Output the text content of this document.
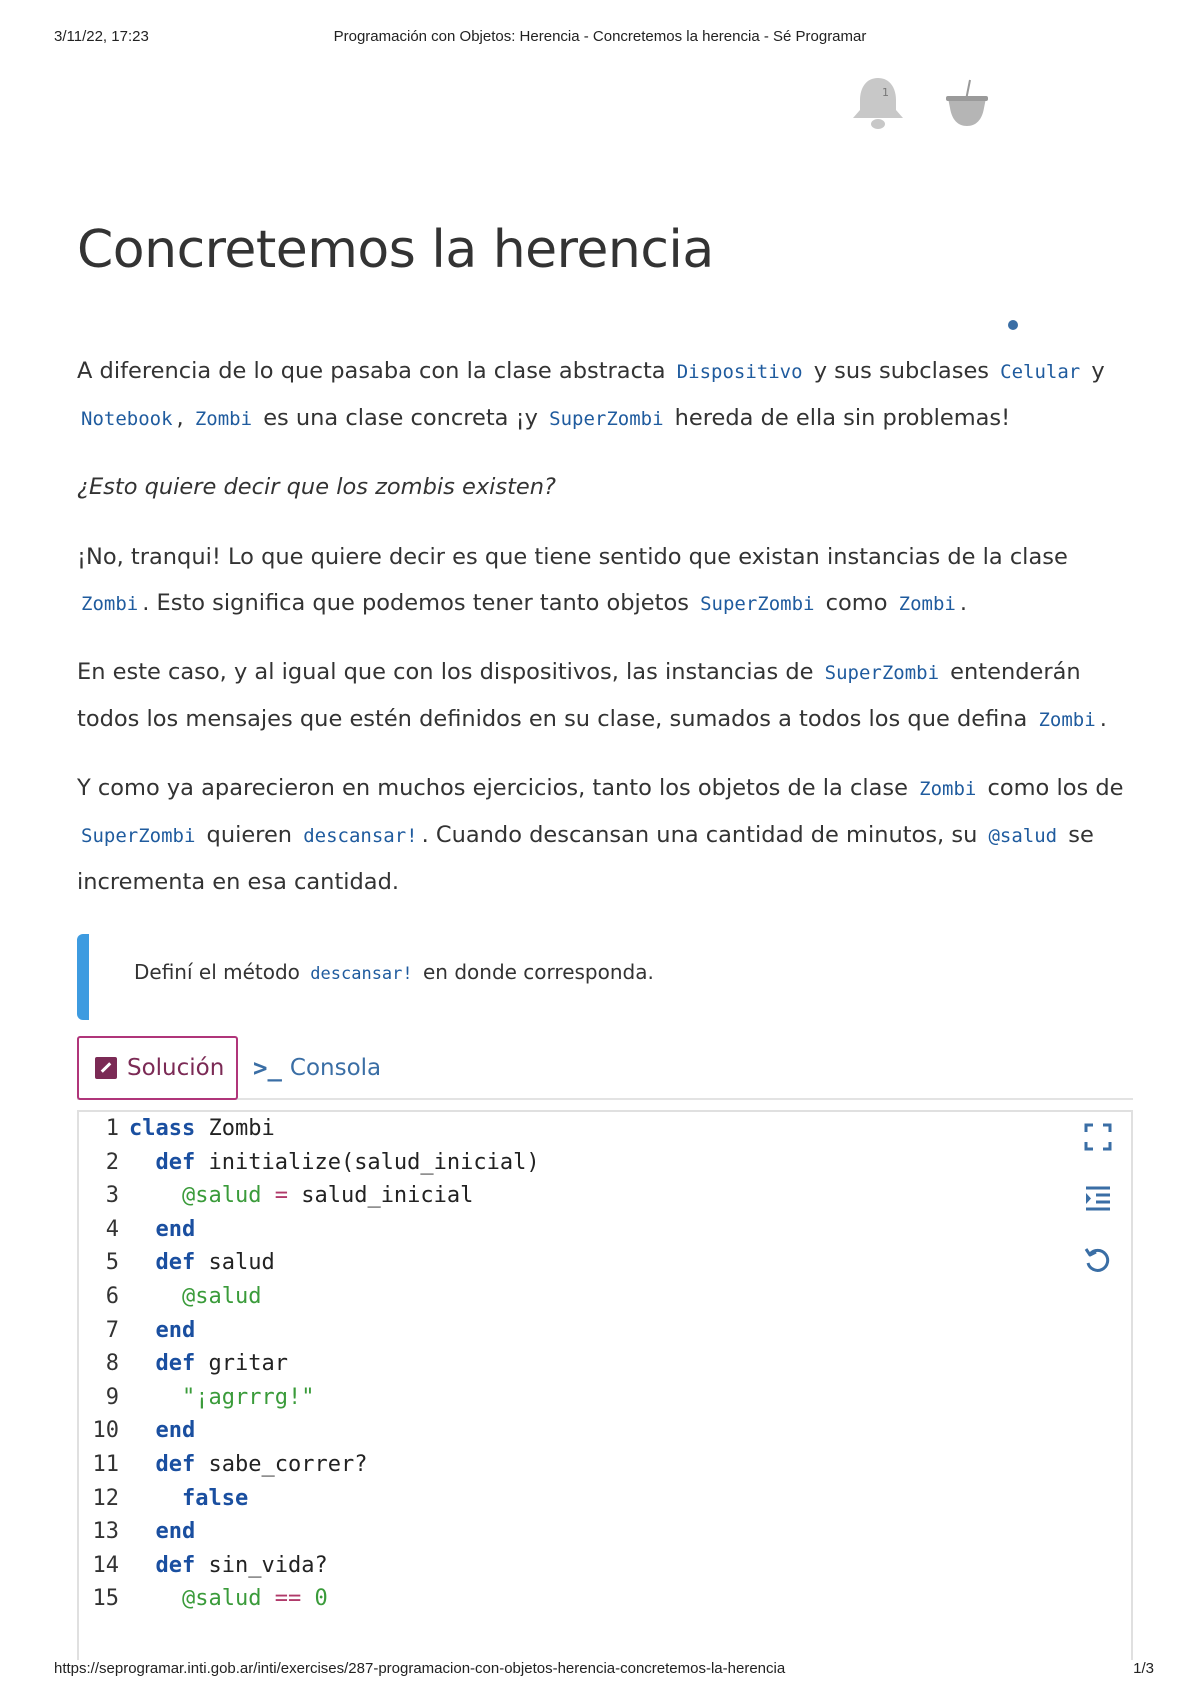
3/11/22, 17:23	Programación con Objetos: Herencia - Concretemos la herencia - Sé Programar
1
Concretemos la herencia

A diferencia de lo que pasaba con la clase abstracta Dispositivo y sus subclases Celular y Notebook , Zombi es una clase concreta ¡y SuperZombi hereda de ella sin problemas!

¿Esto quiere decir que los zombis existen?

¡No, tranqui! Lo que quiere decir es que tiene sentido que existan instancias de la clase Zombi . Esto significa que podemos tener tanto objetos SuperZombi como Zombi .

En este caso, y al igual que con los dispositivos, las instancias de SuperZombi entenderán todos los mensajes que estén definidos en su clase, sumados a todos los que defina Zombi .

Y como ya aparecieron en muchos ejercicios, tanto los objetos de la clase Zombi como los de SuperZombi quieren descansar! . Cuando descansan una cantidad de minutos, su @salud se incrementa en esa cantidad.

Definí el método descansar! en donde corresponda.
Solución >_ Consola
1
2
3
4
5
6
7
8
9
10
11
12
13
14
15
class Zombi
def initialize(salud_inicial)
@salud = salud_inicial
end
def salud
@salud
end
def gritar
"¡agrrrg!"
end
def sabe_correr?
false
end
def sin_vida?
@salud == 0
https://seprogramar.inti.gob.ar/inti/exercises/287-programacion-con-objetos-herencia-concretemos-la-herencia	1/3
